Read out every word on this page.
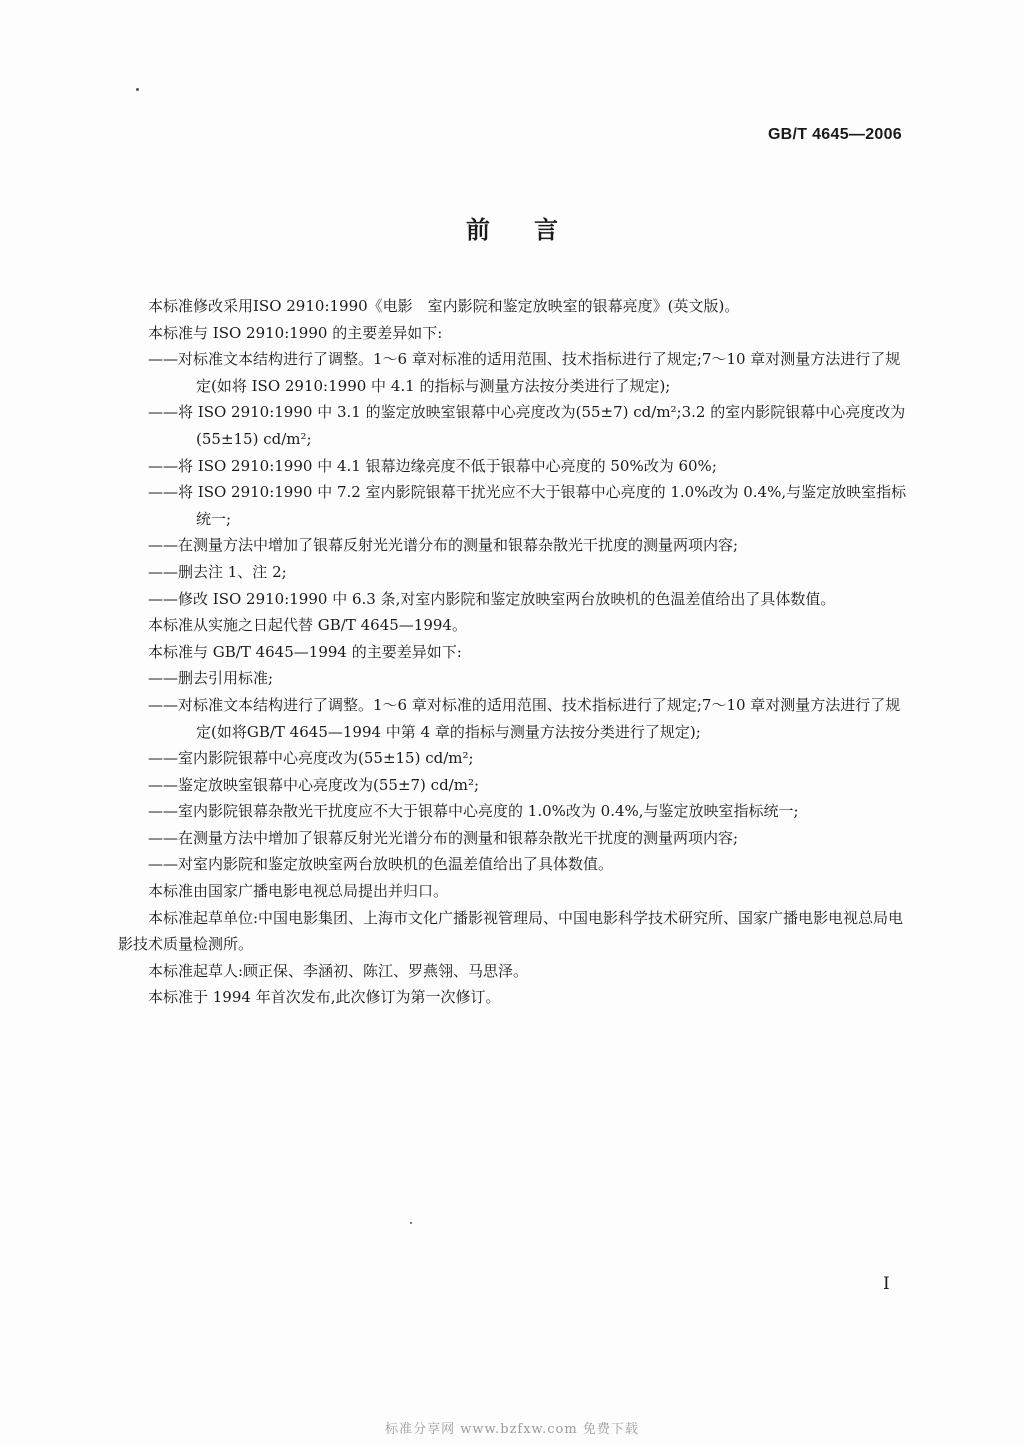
GB/T 4645—2006
前言

本标准修改采用ISO 2910:1990《电影　室内影院和鉴定放映室的银幕亮度》(英文版)。

本标准与 ISO 2910:1990 的主要差异如下:

——对标准文本结构进行了调整。1～6 章对标准的适用范围、技术指标进行了规定;7～10 章对测量方法进行了规定(如将 ISO 2910:1990 中 4.1 的指标与测量方法按分类进行了规定);

——将 ISO 2910:1990 中 3.1 的鉴定放映室银幕中心亮度改为(55±7) cd/m²;3.2 的室内影院银幕中心亮度改为(55±15) cd/m²;

——将 ISO 2910:1990 中 4.1 银幕边缘亮度不低于银幕中心亮度的 50%改为 60%;

——将 ISO 2910:1990 中 7.2 室内影院银幕干扰光应不大于银幕中心亮度的 1.0%改为 0.4%,与鉴定放映室指标统一;

——在测量方法中增加了银幕反射光光谱分布的测量和银幕杂散光干扰度的测量两项内容;

——删去注 1、注 2;

——修改 ISO 2910:1990 中 6.3 条,对室内影院和鉴定放映室两台放映机的色温差值给出了具体数值。

本标准从实施之日起代替 GB/T 4645—1994。

本标准与 GB/T 4645—1994 的主要差异如下:

——删去引用标准;

——对标准文本结构进行了调整。1～6 章对标准的适用范围、技术指标进行了规定;7～10 章对测量方法进行了规定(如将GB/T 4645—1994 中第 4 章的指标与测量方法按分类进行了规定);

——室内影院银幕中心亮度改为(55±15) cd/m²;

——鉴定放映室银幕中心亮度改为(55±7) cd/m²;

——室内影院银幕杂散光干扰度应不大于银幕中心亮度的 1.0%改为 0.4%,与鉴定放映室指标统一;

——在测量方法中增加了银幕反射光光谱分布的测量和银幕杂散光干扰度的测量两项内容;

——对室内影院和鉴定放映室两台放映机的色温差值给出了具体数值。

本标准由国家广播电影电视总局提出并归口。

本标准起草单位:中国电影集团、上海市文化广播影视管理局、中国电影科学技术研究所、国家广播电影电视总局电影技术质量检测所。

本标准起草人:顾正保、李涵初、陈江、罗燕翎、马思泽。

本标准于 1994 年首次发布,此次修订为第一次修订。

I
标准分享网 www.bzfxw.com 免费下载
